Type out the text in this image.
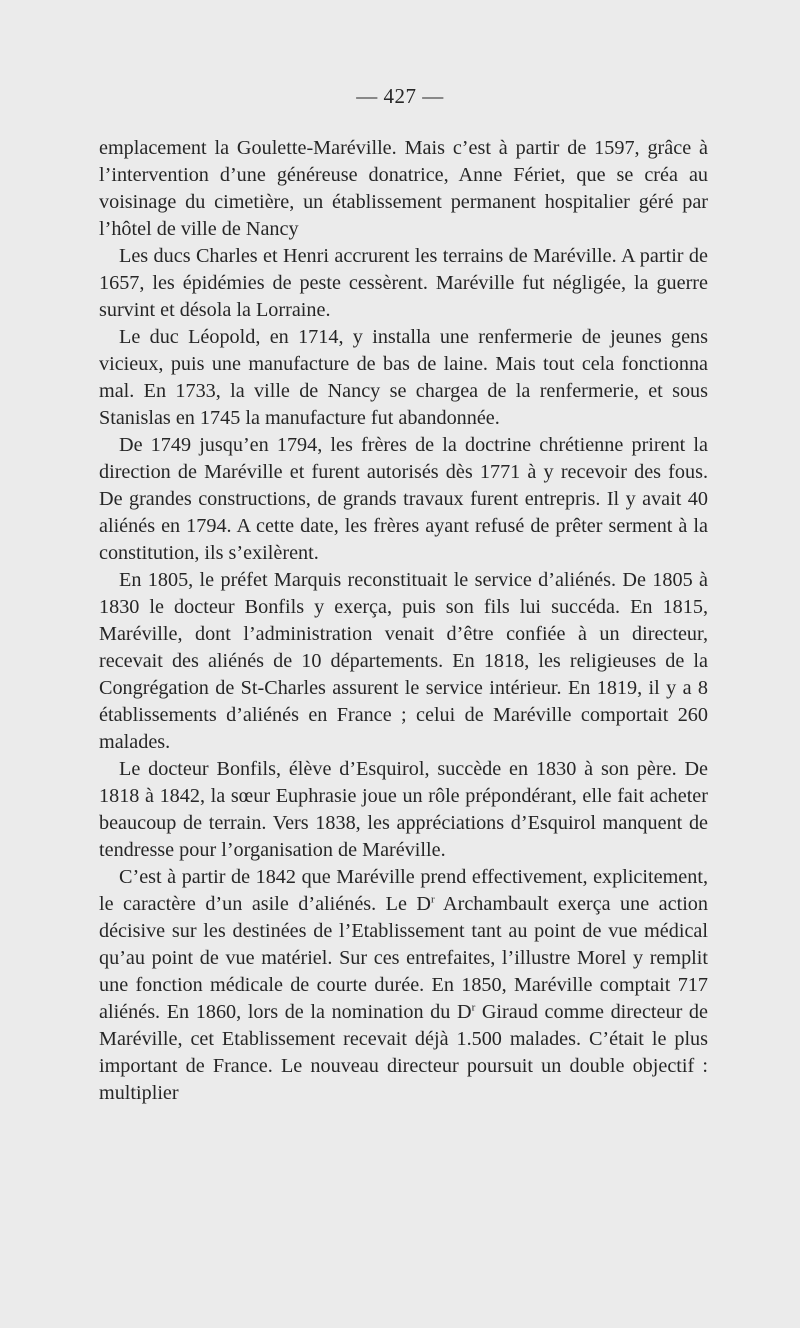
— 427 —

emplacement la Goulette-Maréville. Mais c’est à partir de 1597, grâce à l’intervention d’une généreuse donatrice, Anne Fériet, que se créa au voisinage du cimetière, un établissement permanent hospitalier géré par l’hôtel de ville de Nancy

Les ducs Charles et Henri accrurent les terrains de Maréville. A partir de 1657, les épidémies de peste cessèrent. Maréville fut négligée, la guerre survint et désola la Lorraine.

Le duc Léopold, en 1714, y installa une renfermerie de jeunes gens vicieux, puis une manufacture de bas de laine. Mais tout cela fonctionna mal. En 1733, la ville de Nancy se chargea de la renfermerie, et sous Stanislas en 1745 la manufacture fut abandonnée.

De 1749 jusqu’en 1794, les frères de la doctrine chrétienne prirent la direction de Maréville et furent autorisés dès 1771 à y recevoir des fous. De grandes constructions, de grands travaux furent entrepris. Il y avait 40 aliénés en 1794. A cette date, les frères ayant refusé de prêter serment à la constitution, ils s’exilèrent.

En 1805, le préfet Marquis reconstituait le service d’aliénés. De 1805 à 1830 le docteur Bonfils y exerça, puis son fils lui succéda. En 1815, Maréville, dont l’administration venait d’être confiée à un directeur, recevait des aliénés de 10 départements. En 1818, les religieuses de la Congrégation de St-Charles assurent le service intérieur. En 1819, il y a 8 établissements d’aliénés en France ; celui de Maréville comportait 260 malades.

Le docteur Bonfils, élève d’Esquirol, succède en 1830 à son père. De 1818 à 1842, la sœur Euphrasie joue un rôle prépondérant, elle fait acheter beaucoup de terrain. Vers 1838, les appréciations d’Esquirol manquent de tendresse pour l’organisation de Maréville.

C’est à partir de 1842 que Maréville prend effectivement, explicitement, le caractère d’un asile d’aliénés. Le $D^r$ Archambault exerça une action décisive sur les destinées de l’Etablissement tant au point de vue médical qu’au point de vue matériel. Sur ces entrefaites, l’illustre Morel y remplit une fonction médicale de courte durée. En 1850, Maréville comptait 717 aliénés. En 1860, lors de la nomination du $D^r$ Giraud comme directeur de Maréville, cet Etablissement recevait déjà 1.500 malades. C’était le plus important de France. Le nouveau directeur poursuit un double objectif : multiplier
